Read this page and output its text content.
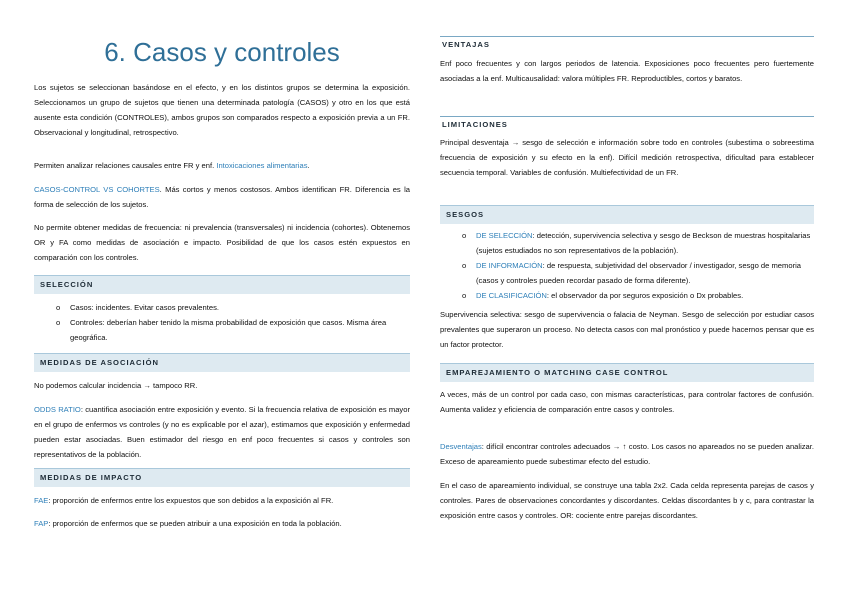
6. Casos y controles

Los sujetos se seleccionan basándose en el efecto, y en los distintos grupos se determina la exposición. Seleccionamos un grupo de sujetos que tienen una determinada patología (CASOS) y otro en los que está ausente esta condición (CONTROLES), ambos grupos son comparados respecto a exposición previa a un FR. Observacional y longitudinal, retrospectivo.

Permiten analizar relaciones causales entre FR y enf. Intoxicaciones alimentarias.

CASOS-CONTROL VS COHORTES. Más cortos y menos costosos. Ambos identifican FR. Diferencia es la forma de selección de los sujetos.

No permite obtener medidas de frecuencia: ni prevalencia (transversales) ni incidencia (cohortes). Obtenemos OR y FA como medidas de asociación e impacto. Posibilidad de que los casos estén expuestos en comparación con los controles.

SELECCIÓN
o Casos: incidentes. Evitar casos prevalentes.
o Controles: deberían haber tenido la misma probabilidad de exposición que casos. Misma área geográfica.
MEDIDAS DE ASOCIACIÓN

No podemos calcular incidencia → tampoco RR.

ODDS RATIO: cuantifica asociación entre exposición y evento. Si la frecuencia relativa de exposición es mayor en el grupo de enfermos vs controles (y no es explicable por el azar), estimamos que exposición y enfermedad pueden estar asociadas. Buen estimador del riesgo en enf poco frecuentes si casos y controles son representativos de la población.

MEDIDAS DE IMPACTO

FAE: proporción de enfermos entre los expuestos que son debidos a la exposición al FR.

FAP: proporción de enfermos que se pueden atribuir a una exposición en toda la población.

VENTAJAS

Enf poco frecuentes y con largos periodos de latencia. Exposiciones poco frecuentes pero fuertemente asociadas a la enf. Multicausalidad: valora múltiples FR. Reproductibles, cortos y baratos.

LIMITACIONES

Principal desventaja → sesgo de selección e información sobre todo en controles (subestima o sobreestima frecuencia de exposición y su efecto en la enf). Difícil medición retrospectiva, dificultad para establecer secuencia temporal. Variables de confusión. Multiefectividad de un FR.

SESGOS
o DE SELECCIÓN: detección, supervivencia selectiva y sesgo de Beckson de muestras hospitalarias (sujetos estudiados no son representativos de la población).
o DE INFORMACIÓN: de respuesta, subjetividad del observador / investigador, sesgo de memoria (casos y controles pueden recordar pasado de forma diferente).
o DE CLASIFICACIÓN: el observador da por seguros exposición o Dx probables.

Supervivencia selectiva: sesgo de supervivencia o falacia de Neyman. Sesgo de selección por estudiar casos prevalentes que superaron un proceso. No detecta casos con mal pronóstico y puede hacernos pensar que es un factor protector.

EMPAREJAMIENTO O MATCHING CASE CONTROL

A veces, más de un control por cada caso, con mismas características, para controlar factores de confusión. Aumenta validez y eficiencia de comparación entre casos y controles.

Desventajas: difícil encontrar controles adecuados → ↑ costo. Los casos no apareados no se pueden analizar. Exceso de apareamiento puede subestimar efecto del estudio.

En el caso de apareamiento individual, se construye una tabla 2x2. Cada celda representa parejas de casos y controles. Pares de observaciones concordantes y discordantes. Celdas discordantes b y c, para contrastar la exposición entre casos y controles. OR: cociente entre parejas discordantes.
